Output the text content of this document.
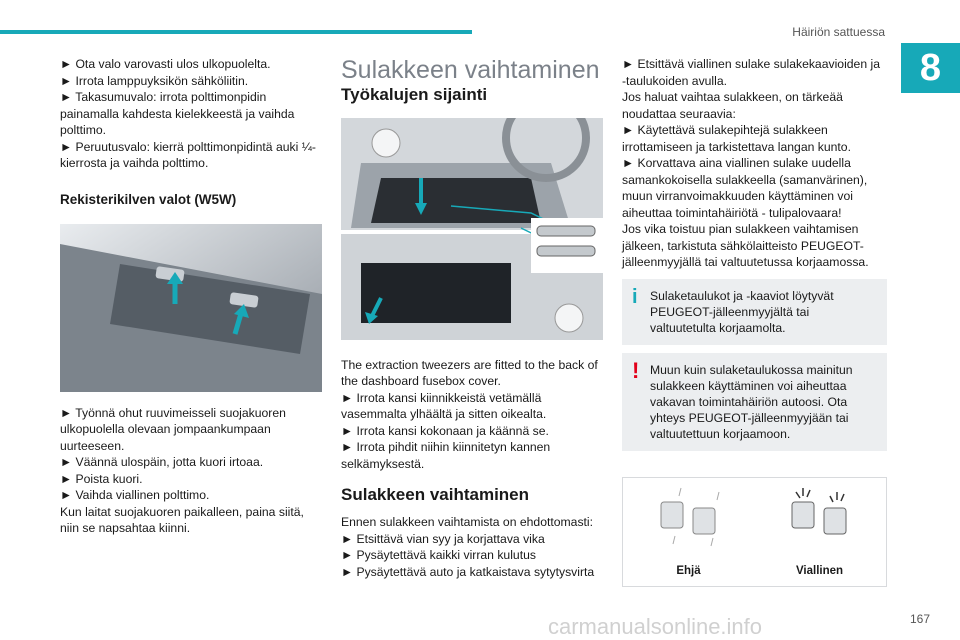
Häiriön sattuessa
8

► Ota valo varovasti ulos ulkopuolelta.

► Irrota lamppuyksikön sähköliitin.

► Takasumuvalo: irrota polttimonpidin painamalla kahdesta kielekkeestä ja vaihda polttimo.

► Peruutusvalo: kierrä polttimonpidintä auki ¼-kierrosta ja vaihda polttimo.

Rekisterikilven valot (W5W)

► Työnnä ohut ruuvimeisseli suojakuoren ulkopuolella olevaan jompaankumpaan uurteeseen.

► Väännä ulospäin, jotta kuori irtoaa.

► Poista kuori.

► Vaihda viallinen polttimo.

Kun laitat suojakuoren paikalleen, paina siitä, niin se napsahtaa kiinni.

Sulakkeen vaihtaminen

Työkalujen sijainti

The extraction tweezers are fitted to the back of the dashboard fusebox cover.

► Irrota kansi kiinnikkeistä vetämällä vasemmalta ylhäältä ja sitten oikealta.

► Irrota kansi kokonaan ja käännä se.

► Irrota pihdit niihin kiinnitetyn kannen selkämyksestä.

Sulakkeen vaihtaminen

Ennen sulakkeen vaihtamista on ehdottomasti:

► Etsittävä vian syy ja korjattava vika

► Pysäytettävä kaikki virran kulutus

► Pysäytettävä auto ja katkaistava sytytysvirta

► Etsittävä viallinen sulake sulakekaavioiden ja -taulukoiden avulla.

Jos haluat vaihtaa sulakkeen, on tärkeää noudattaa seuraavia:

► Käytettävä sulakepihtejä sulakkeen irrottamiseen ja tarkistettava langan kunto.

► Korvattava aina viallinen sulake uudella samankokoisella sulakkeella (samanvärinen), muun virranvoimakkuuden käyttäminen voi aiheuttaa toimintahäiriötä - tulipalovaara!

Jos vika toistuu pian sulakkeen vaihtamisen jälkeen, tarkistuta sähkölaitteisto PEUGEOT-jälleenmyyjällä tai valtuutetussa korjaamossa.

i	Sulaketaulukot ja -kaaviot löytyvät PEUGEOT-jälleenmyyjältä tai valtuutetulta korjaamolta.
! Muun kuin sulaketaulukossa mainitun sulakkeen käyttäminen voi aiheuttaa vakavan toimintahäiriön autoosi. Ota yhteys PEUGEOT-jälleenmyyjään tai valtuutettuun korjaamoon.
Ehjä	Viallinen
167
carmanualsonline.info
